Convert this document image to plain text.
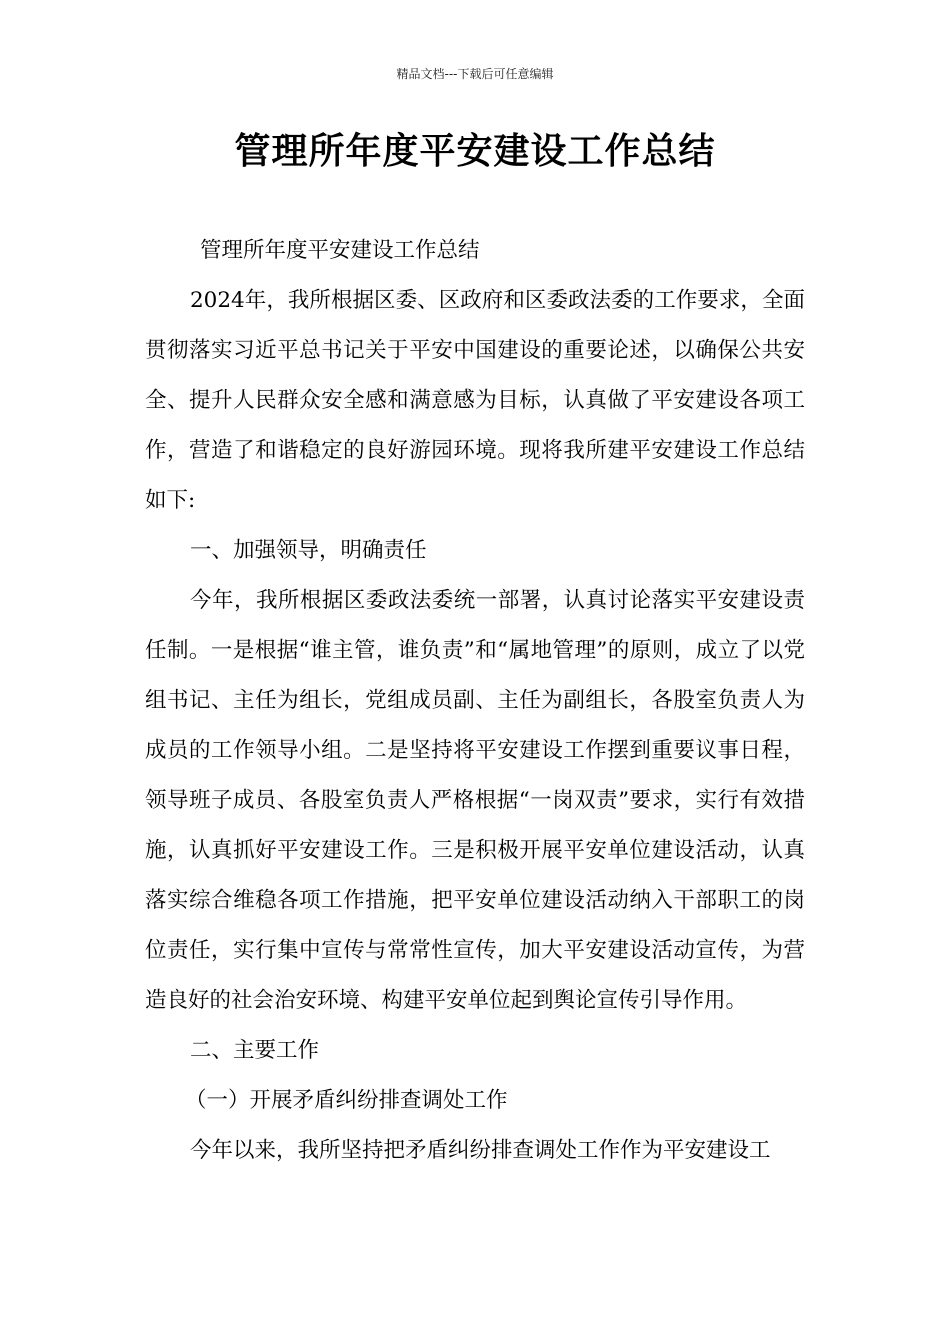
精品文档---下载后可任意编辑
管理所年度平安建设工作总结

管理所年度平安建设工作总结

2024年，我所根据区委、区政府和区委政法委的工作要求，全面贯彻落实习近平总书记关于平安中国建设的重要论述，以确保公共安全、提升人民群众安全感和满意感为目标，认真做了平安建设各项工作，营造了和谐稳定的良好游园环境。现将我所建平安建设工作总结如下:

一、加强领导，明确责任

今年，我所根据区委政法委统一部署，认真讨论落实平安建设责任制。一是根据“谁主管，谁负责”和“属地管理”的原则，成立了以党组书记、主任为组长，党组成员副、主任为副组长，各股室负责人为成员的工作领导小组。二是坚持将平安建设工作摆到重要议事日程，领导班子成员、各股室负责人严格根据“一岗双责”要求，实行有效措施，认真抓好平安建设工作。三是积极开展平安单位建设活动，认真落实综合维稳各项工作措施，把平安单位建设活动纳入干部职工的岗位责任，实行集中宣传与常常性宣传，加大平安建设活动宣传，为营造良好的社会治安环境、构建平安单位起到舆论宣传引导作用。

二、主要工作

（一）开展矛盾纠纷排查调处工作

今年以来，我所坚持把矛盾纠纷排查调处工作作为平安建设工
